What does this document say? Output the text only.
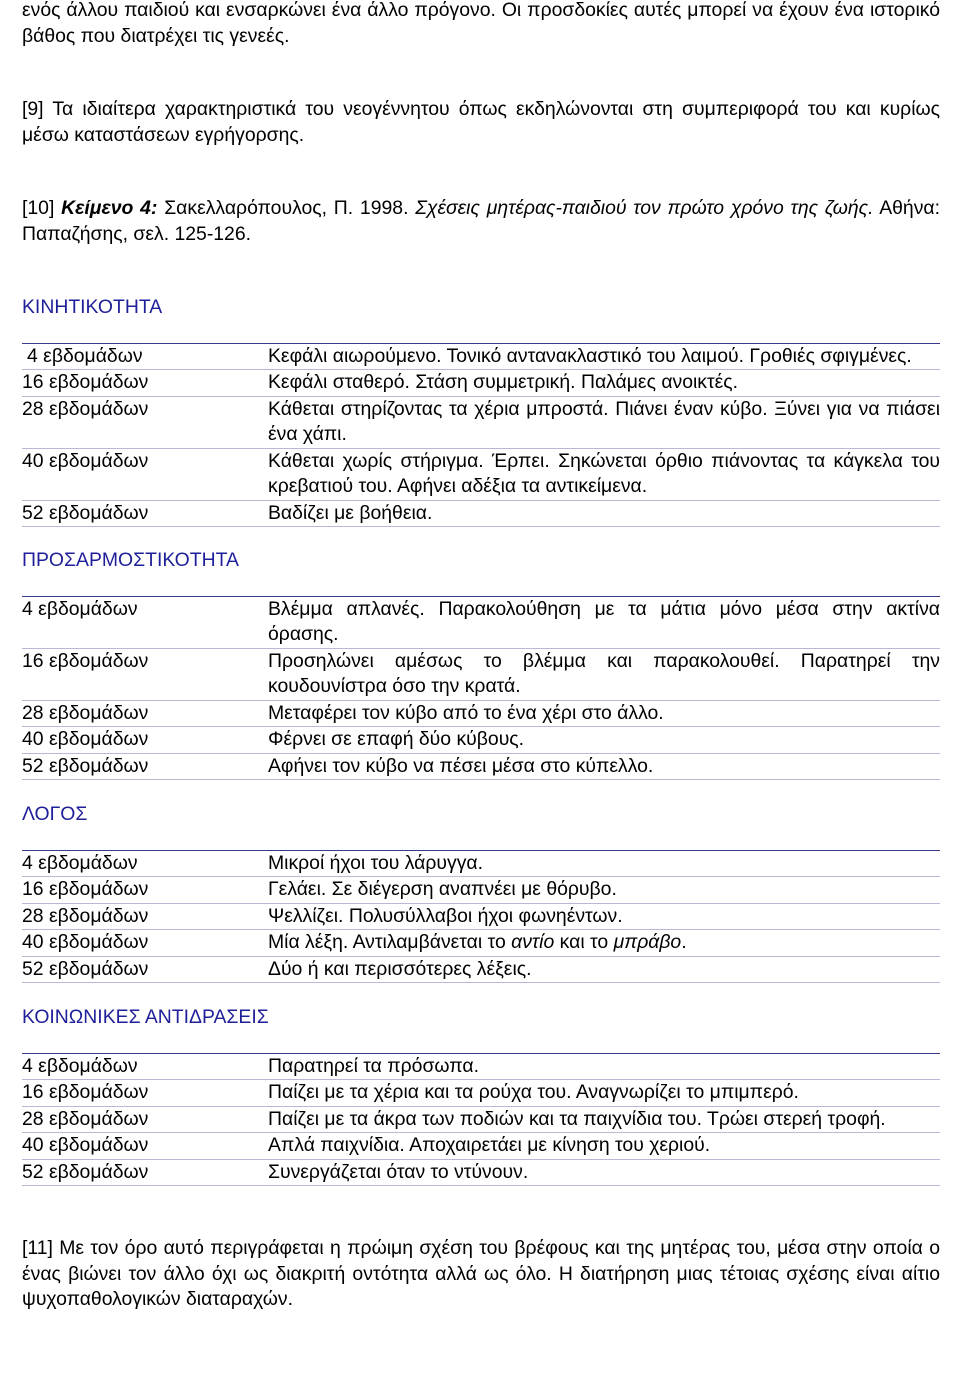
ενός άλλου παιδιού και ενσαρκώνει ένα άλλο πρόγονο. Οι προσδοκίες αυτές μπορεί να έχουν ένα ιστορικό βάθος που διατρέχει τις γενεές.

[9] Τα ιδιαίτερα χαρακτηριστικά του νεογέννητου όπως εκδηλώνονται στη συμπεριφορά του και κυρίως μέσω καταστάσεων εγρήγορσης.

[10] Κείμενο 4: Σακελλαρόπουλος, Π. 1998. Σχέσεις μητέρας-παιδιού τον πρώτο χρόνο της ζωής. Αθήνα: Παπαζήσης, σελ. 125-126.

ΚΙΝΗΤΙΚΟΤΗΤΑ

4 εβδομάδων	Κεφάλι αιωρούμενο. Τονικό αντανακλαστικό του λαιμού. Γροθιές σφιγμένες.
16 εβδομάδων	Κεφάλι σταθερό. Στάση συμμετρική. Παλάμες ανοικτές.
28 εβδομάδων	Κάθεται στηρίζοντας τα χέρια μπροστά. Πιάνει έναν κύβο. Ξύνει για να πιάσει ένα χάπι.
40 εβδομάδων	Κάθεται χωρίς στήριγμα. Έρπει. Σηκώνεται όρθιο πιάνοντας τα κάγκελα του κρεβατιού του. Αφήνει αδέξια τα αντικείμενα.
52 εβδομάδων	Βαδίζει με βοήθεια.

ΠΡΟΣΑΡΜΟΣΤΙΚΟΤΗΤΑ

4 εβδομάδων	Βλέμμα απλανές. Παρακολούθηση με τα μάτια μόνο μέσα στην ακτίνα όρασης.
16 εβδομάδων	Προσηλώνει αμέσως το βλέμμα και παρακολουθεί. Παρατηρεί την κουδουνίστρα όσο την κρατά.
28 εβδομάδων	Μεταφέρει τον κύβο από το ένα χέρι στο άλλο.
40 εβδομάδων	Φέρνει σε επαφή δύο κύβους.
52 εβδομάδων	Αφήνει τον κύβο να πέσει μέσα στο κύπελλο.

ΛΟΓΟΣ

4 εβδομάδων	Μικροί ήχοι του λάρυγγα.
16 εβδομάδων	Γελάει. Σε διέγερση αναπνέει με θόρυβο.
28 εβδομάδων	Ψελλίζει. Πολυσύλλαβοι ήχοι φωνηέντων.
40 εβδομάδων	Μία λέξη. Αντιλαμβάνεται το αντίο και το μπράβο.
52 εβδομάδων	Δύο ή και περισσότερες λέξεις.

ΚΟΙΝΩΝΙΚΕΣ ΑΝΤΙΔΡΑΣΕΙΣ

4 εβδομάδων	Παρατηρεί τα πρόσωπα.
16 εβδομάδων	Παίζει με τα χέρια και τα ρούχα του. Αναγνωρίζει το μπιμπερό.
28 εβδομάδων	Παίζει με τα άκρα των ποδιών και τα παιχνίδια του. Τρώει στερεή τροφή.
40 εβδομάδων	Απλά παιχνίδια. Αποχαιρετάει με κίνηση του χεριού.
52 εβδομάδων	Συνεργάζεται όταν το ντύνουν.

[11] Με τον όρο αυτό περιγράφεται η πρώιμη σχέση του βρέφους και της μητέρας του, μέσα στην οποία ο ένας βιώνει τον άλλο όχι ως διακριτή οντότητα αλλά ως όλο. Η διατήρηση μιας τέτοιας σχέσης είναι αίτιο ψυχοπαθολογικών διαταραχών.
